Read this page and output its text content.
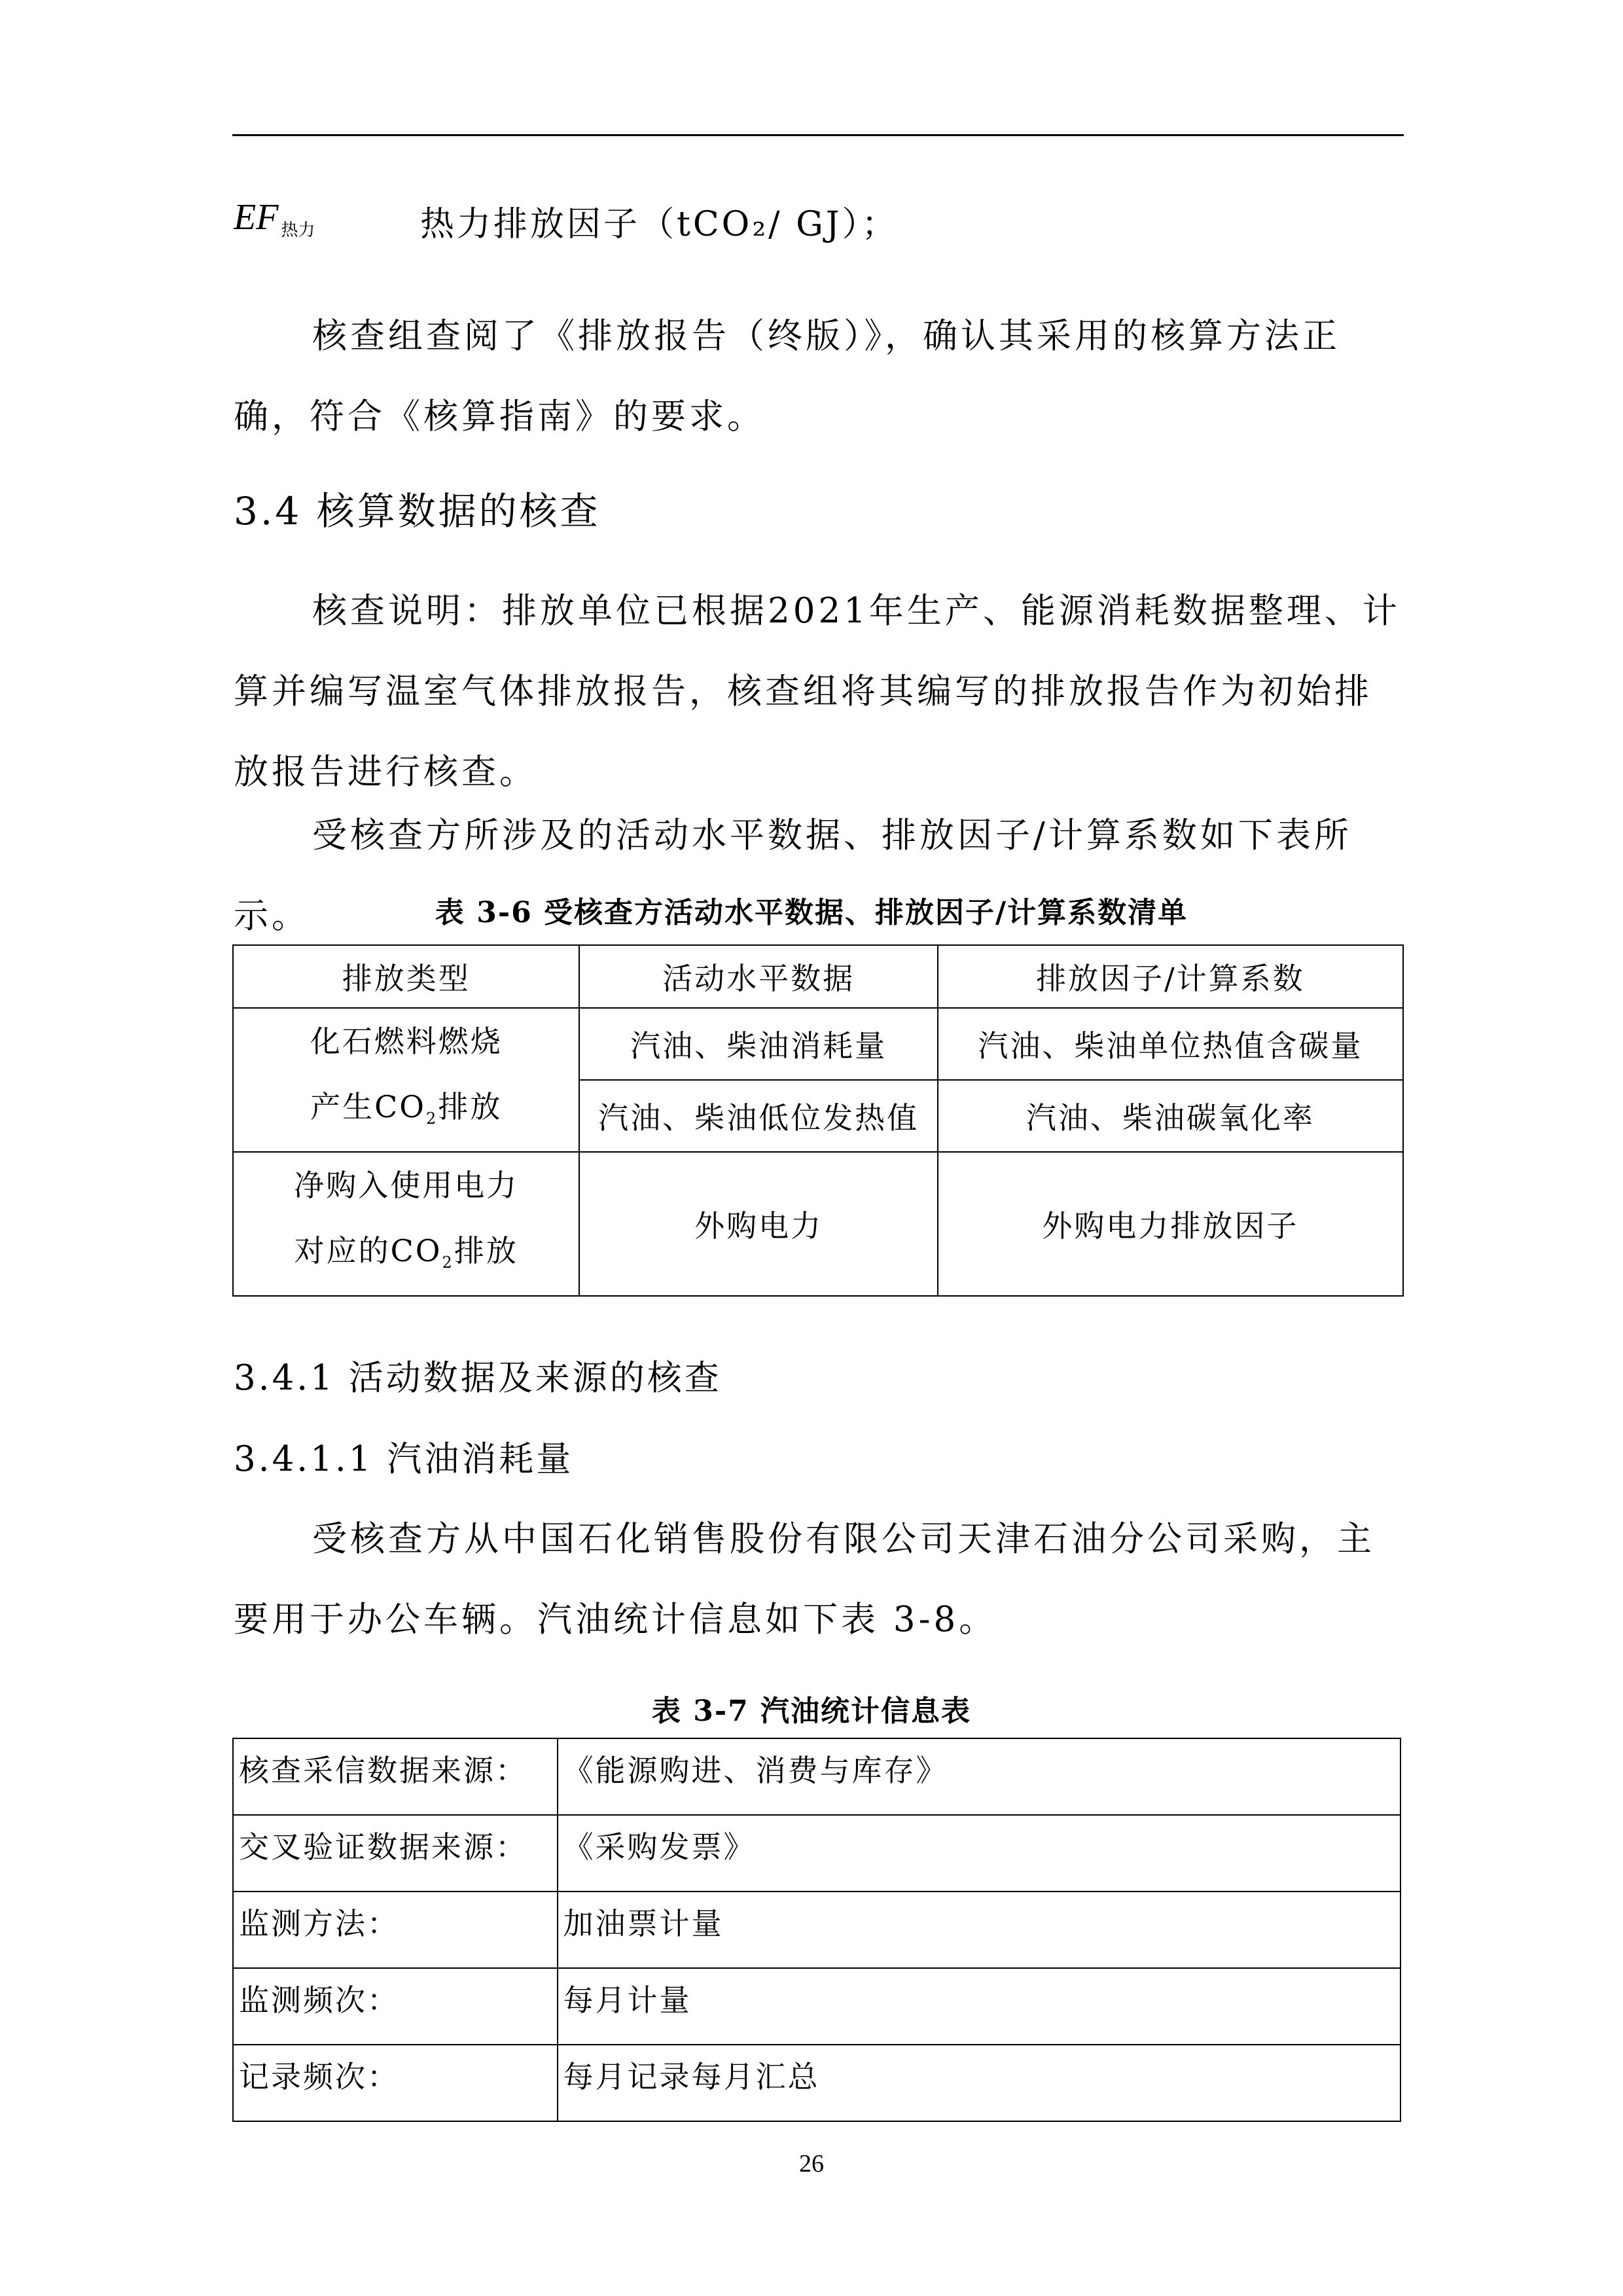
EF 热力	热力排放因子（tCO₂/ GJ）；

核查组查阅了《排放报告（终版）》，确认其采用的核算方法正确，符合《核算指南》的要求。

3.4 核算数据的核查

核查说明：排放单位已根据2021年生产、能源消耗数据整理、计算并编写温室气体排放报告，核查组将其编写的排放报告作为初始排放报告进行核查。

受核查方所涉及的活动水平数据、排放因子/计算系数如下表所示。	表 3-6 受核查方活动水平数据、排放因子/计算系数清单
排放类型	活动水平数据	排放因子/计算系数

化石燃料燃烧
产生$CO_2$排放	汽油、柴油消耗量	汽油、柴油单位热值含碳量
	汽油、柴油低位发热值	汽油、柴油碳氧化率

净购入使用电力
对应的$CO_2$排放	外购电力	外购电力排放因子
3.4.1 活动数据及来源的核查
3.4.1.1 汽油消耗量

受核查方从中国石化销售股份有限公司天津石油分公司采购，主要用于办公车辆。汽油统计信息如下表 3-8。

表 3-7 汽油统计信息表
核查采信数据来源：	《能源购进、消费与库存》
交叉验证数据来源：	《采购发票》
监测方法：	加油票计量
监测频次：	每月计量
记录频次：	每月记录每月汇总
26
